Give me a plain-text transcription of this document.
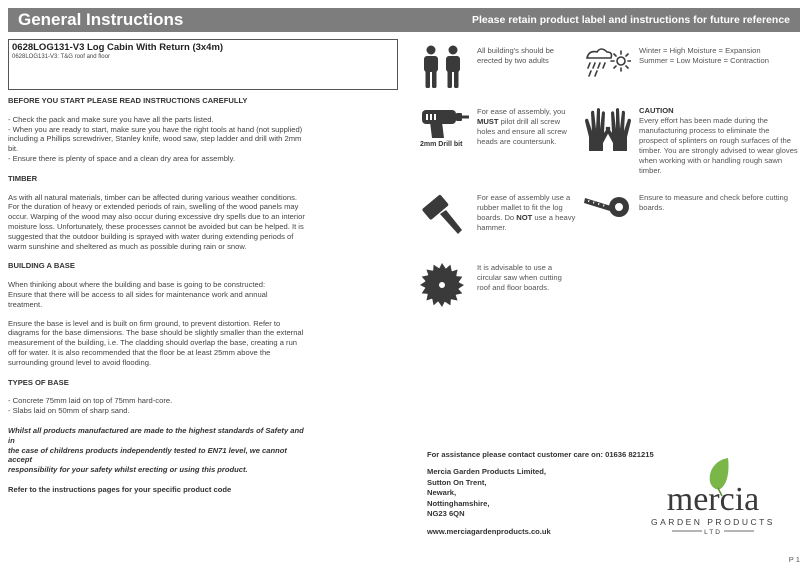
General Instructions	Please retain product label and instructions for future reference
0628LOG131-V3 Log Cabin With Return (3x4m)
0628LOG131-V3: T&G roof and floor
BEFORE YOU START PLEASE READ INSTRUCTIONS CAREFULLY
- Check the pack and make sure you have all the parts listed.
- When you are ready to start, make sure you have the right tools at hand (not supplied)
including a Phillips screwdriver, Stanley knife, wood saw, step ladder and drill with 2mm
bit.
- Ensure there is plenty of space and a clean dry area for assembly.
TIMBER
As with all natural materials, timber can be affected during various weather conditions.
For the duration of heavy or extended periods of rain, swelling of the wood panels may
occur. Warping of the wood may also occur during excessive dry spells due to an interior
moisture loss. Unfortunately, these processes cannot be avoided but can be helped. It is
suggested that the outdoor building is sprayed with water during extending periods of
warm sunshine and sheltered as much as possible during rain or snow.
BUILDING A BASE
When thinking about where the building and base is going to be constructed:
Ensure that there will be access to all sides for maintenance work and annual
treatment.
Ensure the base is level and is built on firm ground, to prevent distortion. Refer to
diagrams for the base dimensions. The base should be slightly smaller than the external
measurement of the building, i.e. The cladding should overlap the base, creating a run
off for water. It is also recommended that the floor be at least 25mm above the
surrounding ground level to avoid flooding.
TYPES OF BASE
- Concrete 75mm laid on top of 75mm hard-core.
- Slabs laid on 50mm of sharp sand.
Whilst all products manufactured are made to the highest standards of Safety and in
the case of childrens products independently tested to EN71 level, we cannot accept
responsibility for your safety whilst erecting or using this product.
Refer to the instructions pages for your specific product code
All building's should be
erected by two adults
2mm Drill bit
For ease of assembly, you
MUST pilot drill all screw
holes and ensure all screw
heads are countersunk.
For ease of assembly use a
rubber mallet to fit the log
boards. Do NOT use a heavy
hammer.
It is advisable to use a
circular saw when cutting
roof and floor boards.
Winter = High Moisture = Expansion
Summer = Low Moisture = Contraction
CAUTION
Every effort has been made during the
manufacturing process to eliminate the
prospect of splinters on rough surfaces of the
timber. You are strongly advised to wear gloves
when working with or handling rough sawn
timber.
Ensure to measure and check before cutting
boards.
For assistance please contact customer care on: 01636 821215
Mercia Garden Products Limited,
Sutton On Trent,
Newark,
Nottinghamshire,
NG23 6QN
www.merciagardenproducts.co.uk
mercia
GARDEN PRODUCTS
LTD
P 1
